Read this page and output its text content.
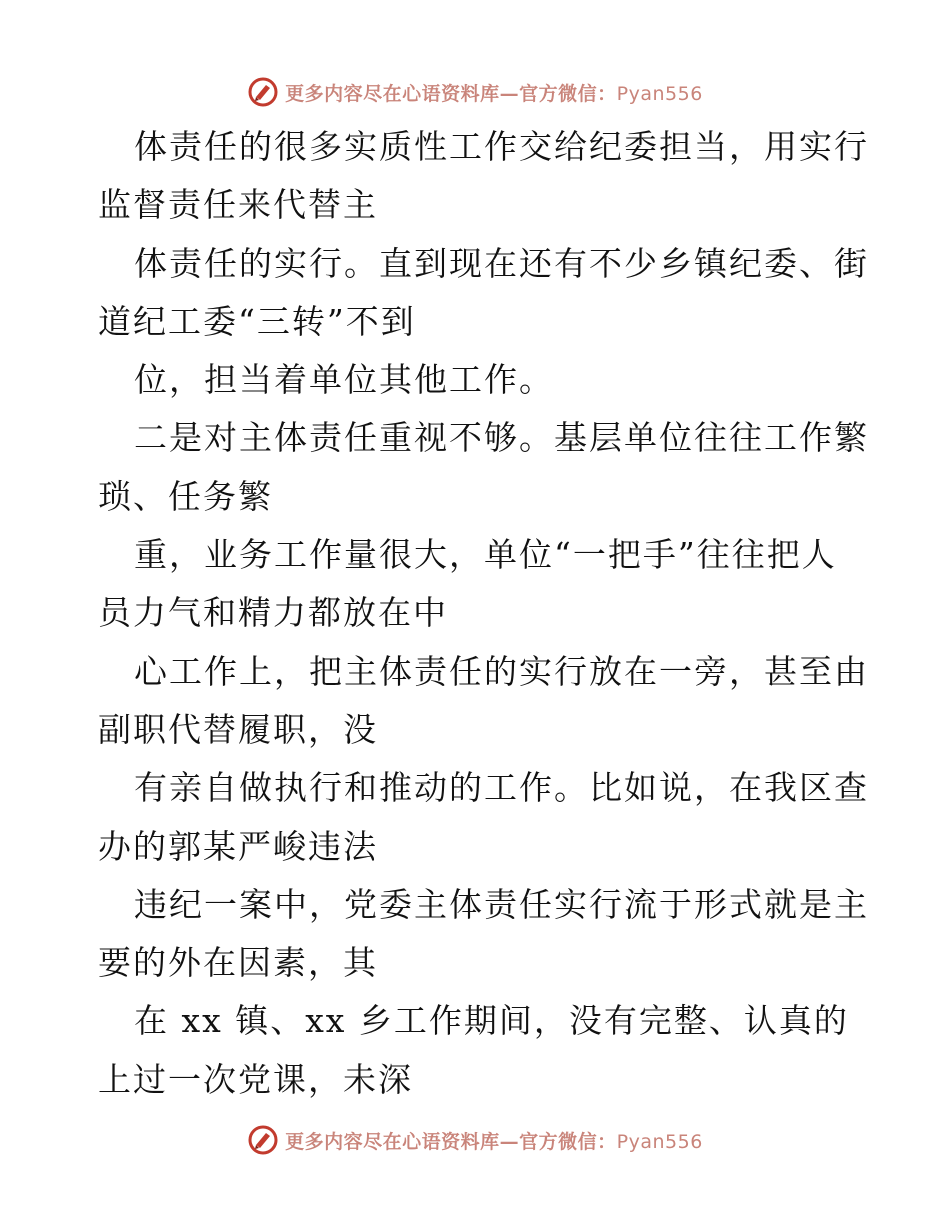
更多内容尽在心语资料库—官方微信：Pyan556
体责任的很多实质性工作交给纪委担当，用实行
监督责任来代替主
体责任的实行。直到现在还有不少乡镇纪委、街
道纪工委“三转”不到
位，担当着单位其他工作。
二是对主体责任重视不够。基层单位往往工作繁
琐、任务繁
重，业务工作量很大，单位“一把手”往往把人
员力气和精力都放在中
心工作上，把主体责任的实行放在一旁，甚至由
副职代替履职，没
有亲自做执行和推动的工作。比如说，在我区查
办的郭某严峻违法
违纪一案中，党委主体责任实行流于形式就是主
要的外在因素，其
在 xx 镇、xx 乡工作期间，没有完整、认真的
上过一次党课，未深
更多内容尽在心语资料库—官方微信：Pyan556
